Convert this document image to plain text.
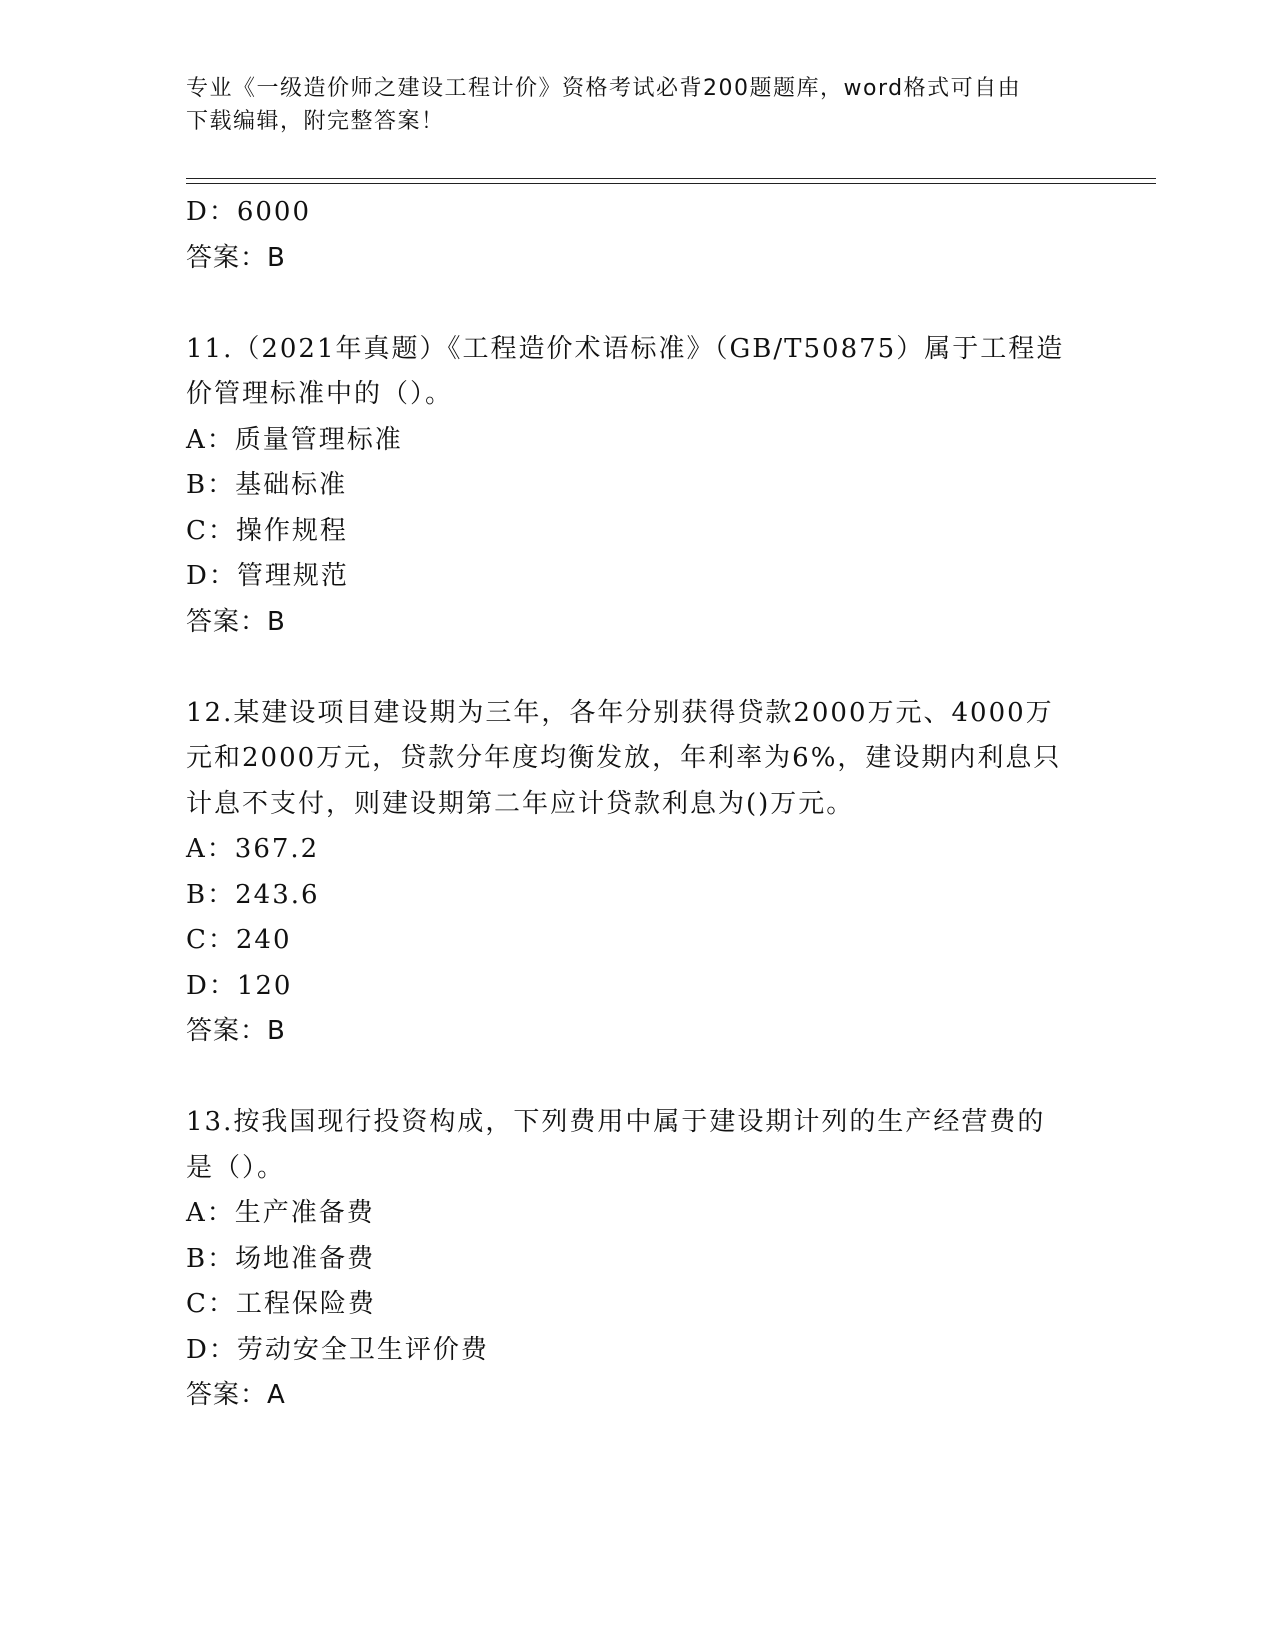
专业《一级造价师之建设工程计价》资格考试必背200题题库，word格式可自由
下载编辑，附完整答案！
D：6000
答案：B
11.（2021年真题）《工程造价术语标准》（GB/T50875）属于工程造
价管理标准中的（）。
A：质量管理标准
B：基础标准
C：操作规程
D：管理规范
答案：B
12.某建设项目建设期为三年，各年分别获得贷款2000万元、4000万
元和2000万元，贷款分年度均衡发放，年利率为6%，建设期内利息只
计息不支付，则建设期第二年应计贷款利息为()万元。
A：367.2
B：243.6
C：240
D：120
答案：B
13.按我国现行投资构成，下列费用中属于建设期计列的生产经营费的
是（）。
A：生产准备费
B：场地准备费
C：工程保险费
D：劳动安全卫生评价费
答案：A
